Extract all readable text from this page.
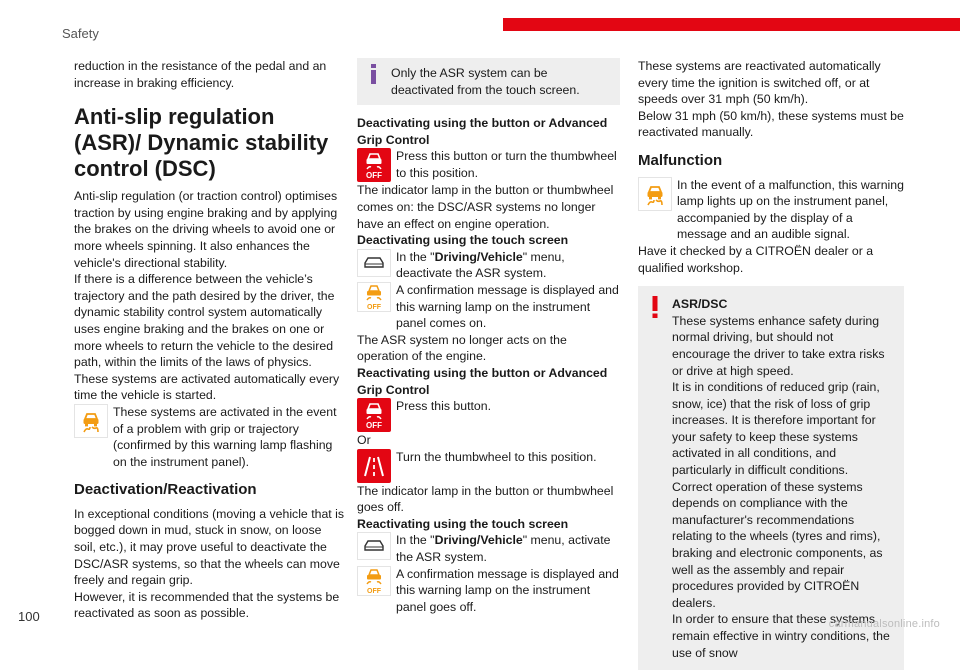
Safety

reduction in the resistance of the pedal and an increase in braking efficiency.

Anti-slip regulation (ASR)/ Dynamic stability control (DSC)

Anti-slip regulation (or traction control) optimises traction by using engine braking and by applying the brakes on the driving wheels to avoid one or more wheels spinning. It also enhances the vehicle's directional stability.

If there is a difference between the vehicle’s trajectory and the path desired by the driver, the dynamic stability control system automatically uses engine braking and the brakes on one or more wheels to return the vehicle to the desired path, within the limits of the laws of physics.

These systems are activated automatically every time the vehicle is started.

These systems are activated in the event of a problem with grip or trajectory (confirmed by this warning lamp flashing on the instrument panel).

Deactivation/Reactivation

In exceptional conditions (moving a vehicle that is bogged down in mud, stuck in snow, on loose soil, etc.), it may prove useful to deactivate the DSC/ASR systems, so that the wheels can move freely and regain grip.

However, it is recommended that the systems be reactivated as soon as possible.

Only the ASR system can be deactivated from the touch screen.

Deactivating using the button or Advanced Grip Control

OFF

Press this button or turn the thumbwheel to this position.

The indicator lamp in the button or thumbwheel comes on: the DSC/ASR systems no longer have an effect on engine operation.

Deactivating using the touch screen

In the "Driving/Vehicle" menu, deactivate the ASR system.

OFF

A confirmation message is displayed and this warning lamp on the instrument panel comes on.

The ASR system no longer acts on the operation of the engine.

Reactivating using the button or Advanced Grip Control

OFF

Press this button.

Or

Turn the thumbwheel to this position.

The indicator lamp in the button or thumbwheel goes off.

Reactivating using the touch screen

In the "Driving/Vehicle" menu, activate the ASR system.

OFF

A confirmation message is displayed and this warning lamp on the instrument panel goes off.

These systems are reactivated automatically every time the ignition is switched off, or at speeds over 31 mph (50 km/h).

Below 31 mph (50 km/h), these systems must be reactivated manually.

Malfunction

In the event of a malfunction, this warning lamp lights up on the instrument panel, accompanied by the display of a message and an audible signal.

Have it checked by a CITROËN dealer or a qualified workshop.

ASR/DSC

These systems enhance safety during normal driving, but should not encourage the driver to take extra risks or drive at high speed.

It is in conditions of reduced grip (rain, snow, ice) that the risk of loss of grip increases. It is therefore important for your safety to keep these systems activated in all conditions, and particularly in difficult conditions.

Correct operation of these systems depends on compliance with the manufacturer's recommendations relating to the wheels (tyres and rims), braking and electronic components, as well as the assembly and repair procedures provided by CITROËN dealers.

In order to ensure that these systems remain effective in wintry conditions, the use of snow

100	carmanualsonline.info
